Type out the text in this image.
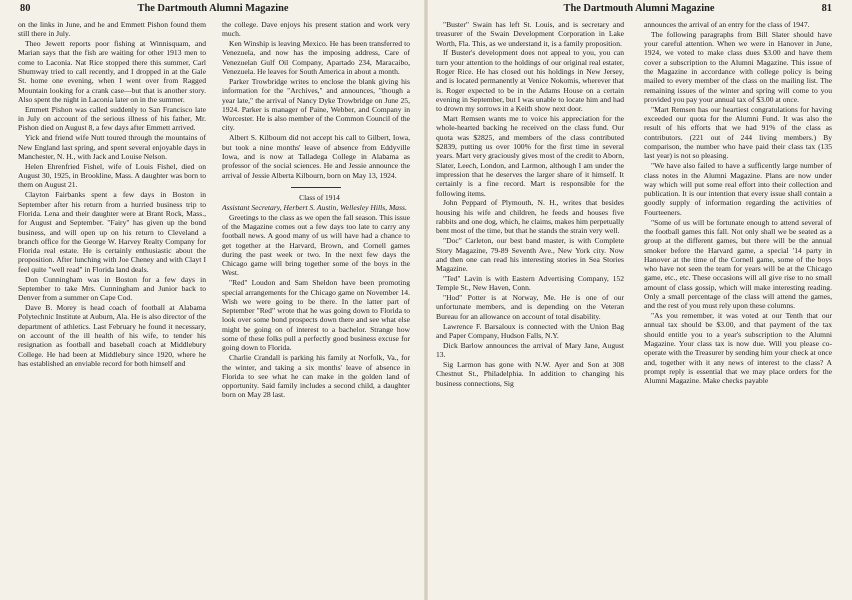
80	The Dartmouth Alumni Magazine

on the links in June, and he and Emmett Pishon found them still there in July.

Theo Jewett reports poor fishing at Winnisquam, and Marian says that the fish are waiting for other 1913 men to come to Laconia. Nat Rice stopped there this summer, Carl Shumway tried to call recently, and I dropped in at the Gale St. home one evening, when I went over from Ragged Mountain looking for a crank case—but that is another story. Also spent the night in Laconia later on in the summer.

Emmett Pishon was called suddenly to San Francisco late in July on account of the serious illness of his father, Mr. Pishon died on August 8, a few days after Emmett arrived.

Yick and friend wife Nutt toured through the mountains of New England last spring, and spent several enjoyable days in Manchester, N. H., with Jack and Louise Nelson.

Helen Ehrenfried Fishel, wife of Louis Fishel, died on August 30, 1925, in Brookline, Mass. A daughter was born to them on August 21.

Clayton Fairbanks spent a few days in Boston in September after his return from a hurried business trip to Florida. Lena and their daughter were at Brant Rock, Mass., for August and September. "Fairy" has given up the bond business, and will open up on his return to Cleveland a branch office for the George W. Harvey Realty Company for Florida real estate. He is certainly enthusiastic about the proposition. After lunching with Joe Cheney and with Clayt I feel quite "well read" in Florida land deals.

Don Cunningham was in Boston for a few days in September to take Mrs. Cunningham and Junior back to Denver from a summer on Cape Cod.

Dave B. Morey is head coach of football at Alabama Polytechnic Institute at Auburn, Ala. He is also director of the department of athletics. Last February he found it necessary, on account of the ill health of his wife, to tender his resignation as football and baseball coach at Middlebury College. He had been at Middlebury since 1920, where he has established an enviable record for both himself and

the college. Dave enjoys his present station and work very much.

Ken Winship is leaving Mexico. He has been transferred to Venezuela, and now has the imposing address, Care of Venezuelan Gulf Oil Company, Apartado 234, Maracaibo, Venezuela. He leaves for South America in about a month.

Parker Trowbridge writes to enclose the blank giving his information for the "Archives," and announces, "though a year late," the arrival of Nancy Dyke Trowbridge on June 25, 1924. Parker is manager of Paine, Webber, and Company in Worcester. He is also member of the Common Council of the city.

Albert S. Kilbourn did not accept his call to Gilbert, Iowa, but took a nine months' leave of absence from Eddyville Iowa, and is now at Talladega College in Alabama as professor of the social sciences. He and Jessie announce the arrival of Jessie Alberta Kilbourn, born on May 13, 1924.

Class of 1914

Assistant Secretary, Herbert S. Austin, Wellesley Hills, Mass.

Greetings to the class as we open the fall season. This issue of the Magazine comes out a few days too late to carry any football news. A good many of us will have had a chance to get together at the Harvard, Brown, and Cornell games during the past week or two. In the next few days the Chicago game will bring together some of the boys in the West.

"Red" Loudon and Sam Sheldon have been promoting special arrangements for the Chicago game on November 14. Wish we were going to be there. In the latter part of September "Red" wrote that he was going down to Florida to look over some bond prospects down there and see what else might be going on of interest to a bachelor. Strange how some of these folks pull a perfectly good business excuse for going down to Florida.

Charlie Crandall is parking his family at Norfolk, Va., for the winter, and taking a six months' leave of absence in Florida to see what he can make in the golden land of opportunity. Said family includes a second child, a daughter born on May 28 last.

The Dartmouth Alumni Magazine	81

"Buster" Swain has left St. Louis, and is secretary and treasurer of the Swain Development Corporation in Lake Worth, Fla. This, as we understand it, is a family proposition.

If Buster's development does not appeal to you, you can turn your attention to the holdings of our original real estater, Roger Rice. He has closed out his holdings in New Jersey, and is located permanently at Venice Nokomis, wherever that is. Roger expected to be in the Adams House on a certain evening in September, but I was unable to locate him and had to drown my sorrows in a Keith show next door.

Mart Remsen wants me to voice his appreciation for the whole-hearted backing he received on the class fund. Our quota was $2825, and members of the class contributed $2839, putting us over 100% for the first time in several years. Mart very graciously gives most of the credit to Aborn, Slater, Leech, London, and Larmon, although I am under the impression that he deserves the larger share of it himself. It certainly is a fine record. Mart is responsible for the following items.

John Peppard of Plymouth, N. H., writes that besides housing his wife and children, he feeds and houses five rabbits and one dog, which, he claims, makes him perpetually bent most of the time, but that he stands the strain very well.

"Doc" Carleton, our best band master, is with Complete Story Magazine, 79-89 Seventh Ave., New York city. Now and then one can read his interesting stories in Sea Stories Magazine.

"Ted" Lavin is with Eastern Advertising Company, 152 Temple St., New Haven, Conn.

"Hod" Potter is at Norway, Me. He is one of our unfortunate members, and is depending on the Veteran Bureau for an allowance on account of total disability.

Lawrence F. Barsaloux is connected with the Union Bag and Paper Company, Hudson Falls, N.Y.

Dick Barlow announces the arrival of Mary Jane, August 13.

Sig Larmon has gone with N.W. Ayer and Son at 308 Chestnut St., Philadelphia. In addition to changing his business connections, Sig

announces the arrival of an entry for the class of 1947.

The following paragraphs from Bill Slater should have your careful attention. When we were in Hanover in June, 1924, we voted to make class dues $3.00 and have them cover a subscription to the Alumni Magazine. This issue of the Magazine in accordance with college policy is being mailed to every member of the class on the mailing list. The remaining issues of the winter and spring will come to you provided you pay your annual tax of $3.00 at once.

"Mart Remsen has our heartiest congratulations for having exceeded our quota for the Alumni Fund. It was also the result of his efforts that we had 91% of the class as contributors. (221 out of 244 living members.) By comparison, the number who have paid their class tax (135 last year) is not so pleasing.

"We have also failed to have a sufficently large number of class notes in the Alumni Magazine. Plans are now under way which will put some real effort into their collection and publication. It is our intention that every issue shall contain a goodly supply of information regarding the activities of Fourteeners.

"Some of us will be fortunate enough to attend several of the football games this fall. Not only shall we be seated as a group at the different games, but there will be the annual smoker before the Harvard game, a special '14 party in Hanover at the time of the Cornell game, some of the boys who have not seen the team for years will be at the Chicago game, etc., etc. These occasions will all give rise to no small amount of class gossip, which will make interesting reading. Only a small percentage of the class will attend the games, and the rest of you must rely upon these columns.

"As you remember, it was voted at our Tenth that our annual tax should be $3.00, and that payment of the tax should entitle you to a year's subscription to the Alumni Magazine. Your class tax is now due. Will you please co-operate with the Treasurer by sending him your check at once and, together with it any news of interest to the class? A prompt reply is essential that we may place orders for the Alumni Magazine. Make checks payable
